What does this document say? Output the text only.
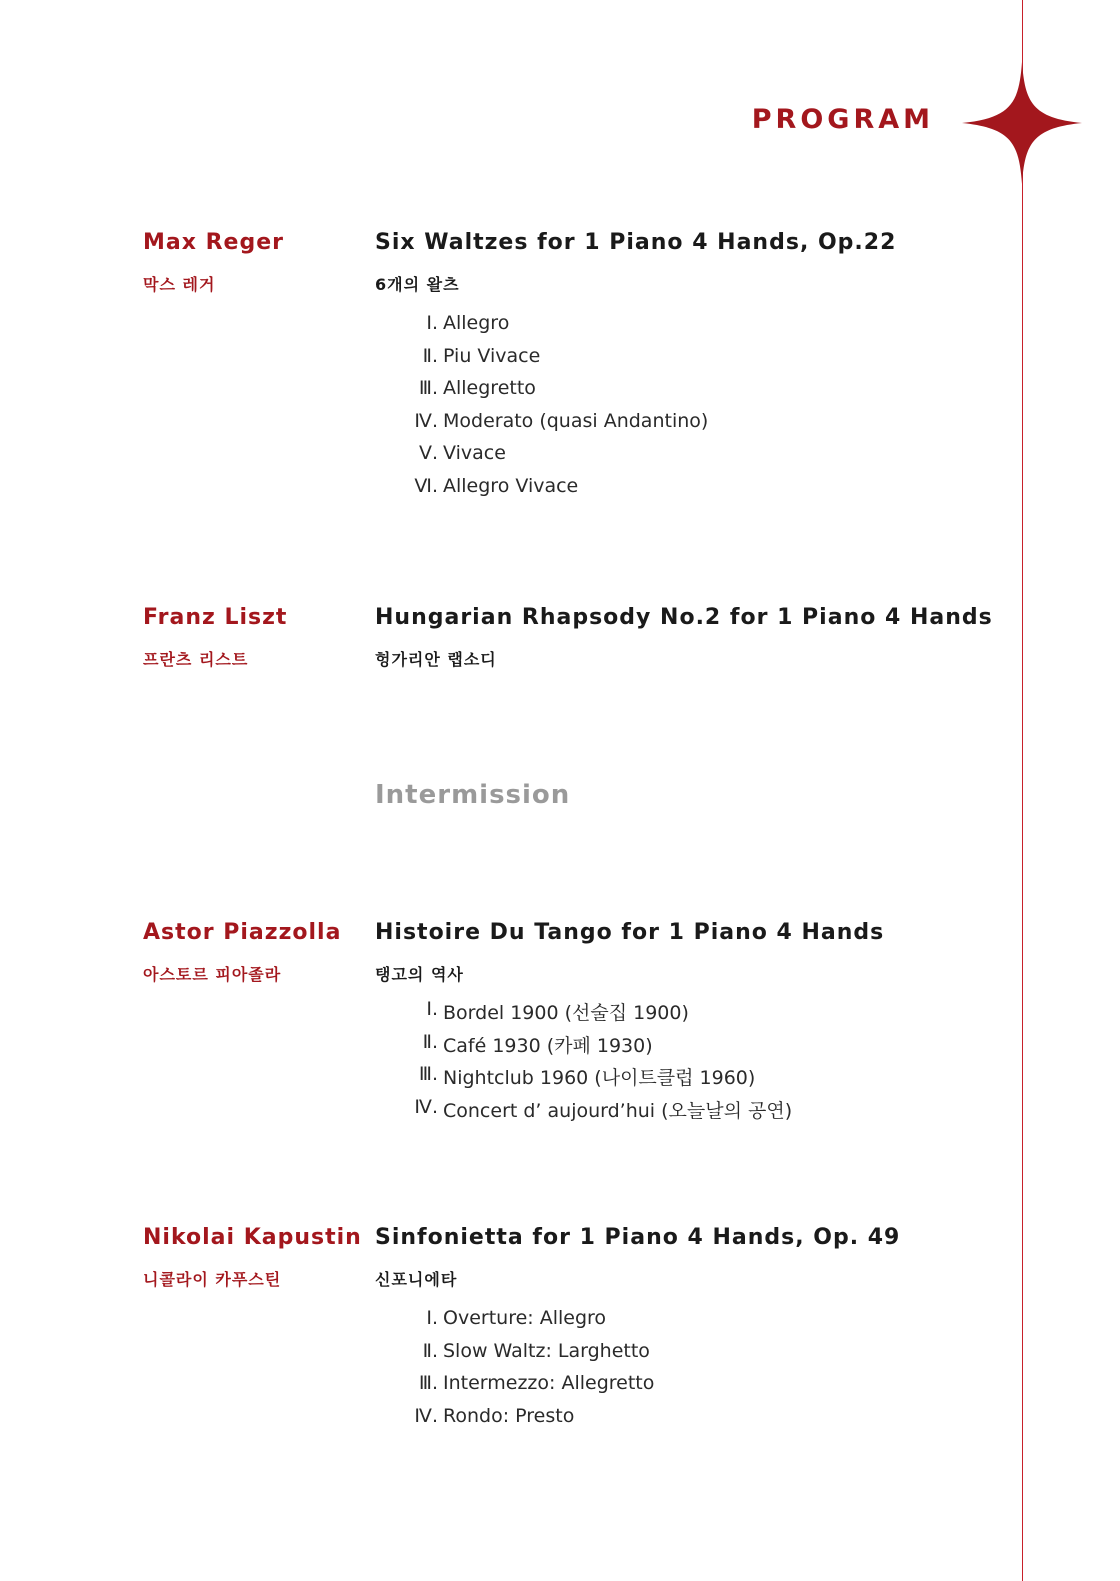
PROGRAM
Max Reger
막스 레거
Six Waltzes for 1 Piano 4 Hands, Op.22
6개의 왈츠
Ⅰ. Allegro
Ⅱ. Piu Vivace
Ⅲ. Allegretto
Ⅳ. Moderato (quasi Andantino)
Ⅴ. Vivace
Ⅵ. Allegro Vivace
Franz Liszt
프란츠 리스트
Hungarian Rhapsody No.2 for 1 Piano 4 Hands
헝가리안 랩소디
Intermission
Astor Piazzolla
아스토르 피아졸라
Histoire Du Tango for 1 Piano 4 Hands
탱고의 역사
Ⅰ. Bordel 1900 (선술집 1900)
Ⅱ. Café 1930 (카페 1930)
Ⅲ. Nightclub 1960 (나이트클럽 1960)
Ⅳ. Concert d’ aujourd’hui (오늘날의 공연)
Nikolai Kapustin
니콜라이 카푸스틴
Sinfonietta for 1 Piano 4 Hands, Op. 49
신포니에타
Ⅰ. Overture: Allegro
Ⅱ. Slow Waltz: Larghetto
Ⅲ. Intermezzo: Allegretto
Ⅳ. Rondo: Presto
